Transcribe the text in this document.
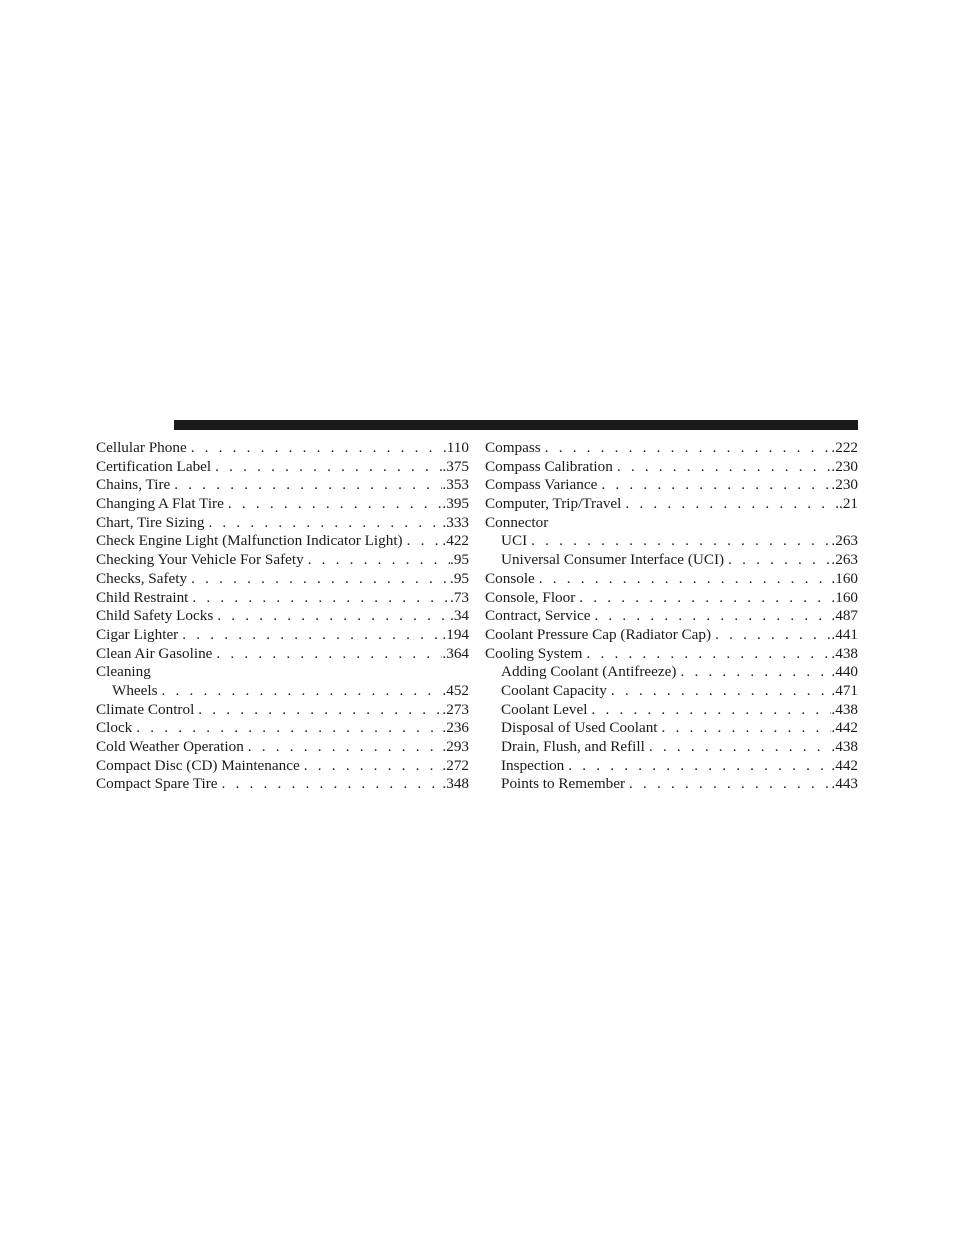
Cellular Phone . . .	.110
Certification Label . . .	.375
Chains, Tire . . .	.353
Changing A Flat Tire . . .	.395
Chart, Tire Sizing . . .	.333
Check Engine Light (Malfunction Indicator Light) . . .	.422
Checking Your Vehicle For Safety . . .	.95
Checks, Safety . . .	.95
Child Restraint . . .	.73
Child Safety Locks . . .	.34
Cigar Lighter . . .	.194
Clean Air Gasoline . . .	.364
Cleaning
Wheels . . .	.452
Climate Control . . .	.273
Clock . . .	.236
Cold Weather Operation . . .	.293
Compact Disc (CD) Maintenance . . .	.272
Compact Spare Tire . . .	.348
Compass . . .	.222
Compass Calibration . . .	.230
Compass Variance . . .	.230
Computer, Trip/Travel . . .	.21
Connector
UCI . . .	.263
Universal Consumer Interface (UCI) . . .	.263
Console . . .	.160
Console, Floor . . .	.160
Contract, Service . . .	.487
Coolant Pressure Cap (Radiator Cap) . . .	.441
Cooling System . . .	.438
Adding Coolant (Antifreeze) . . .	.440
Coolant Capacity . . .	.471
Coolant Level . . .	.438
Disposal of Used Coolant . . .	.442
Drain, Flush, and Refill . . .	.438
Inspection . . .	.442
Points to Remember . . .	.443
